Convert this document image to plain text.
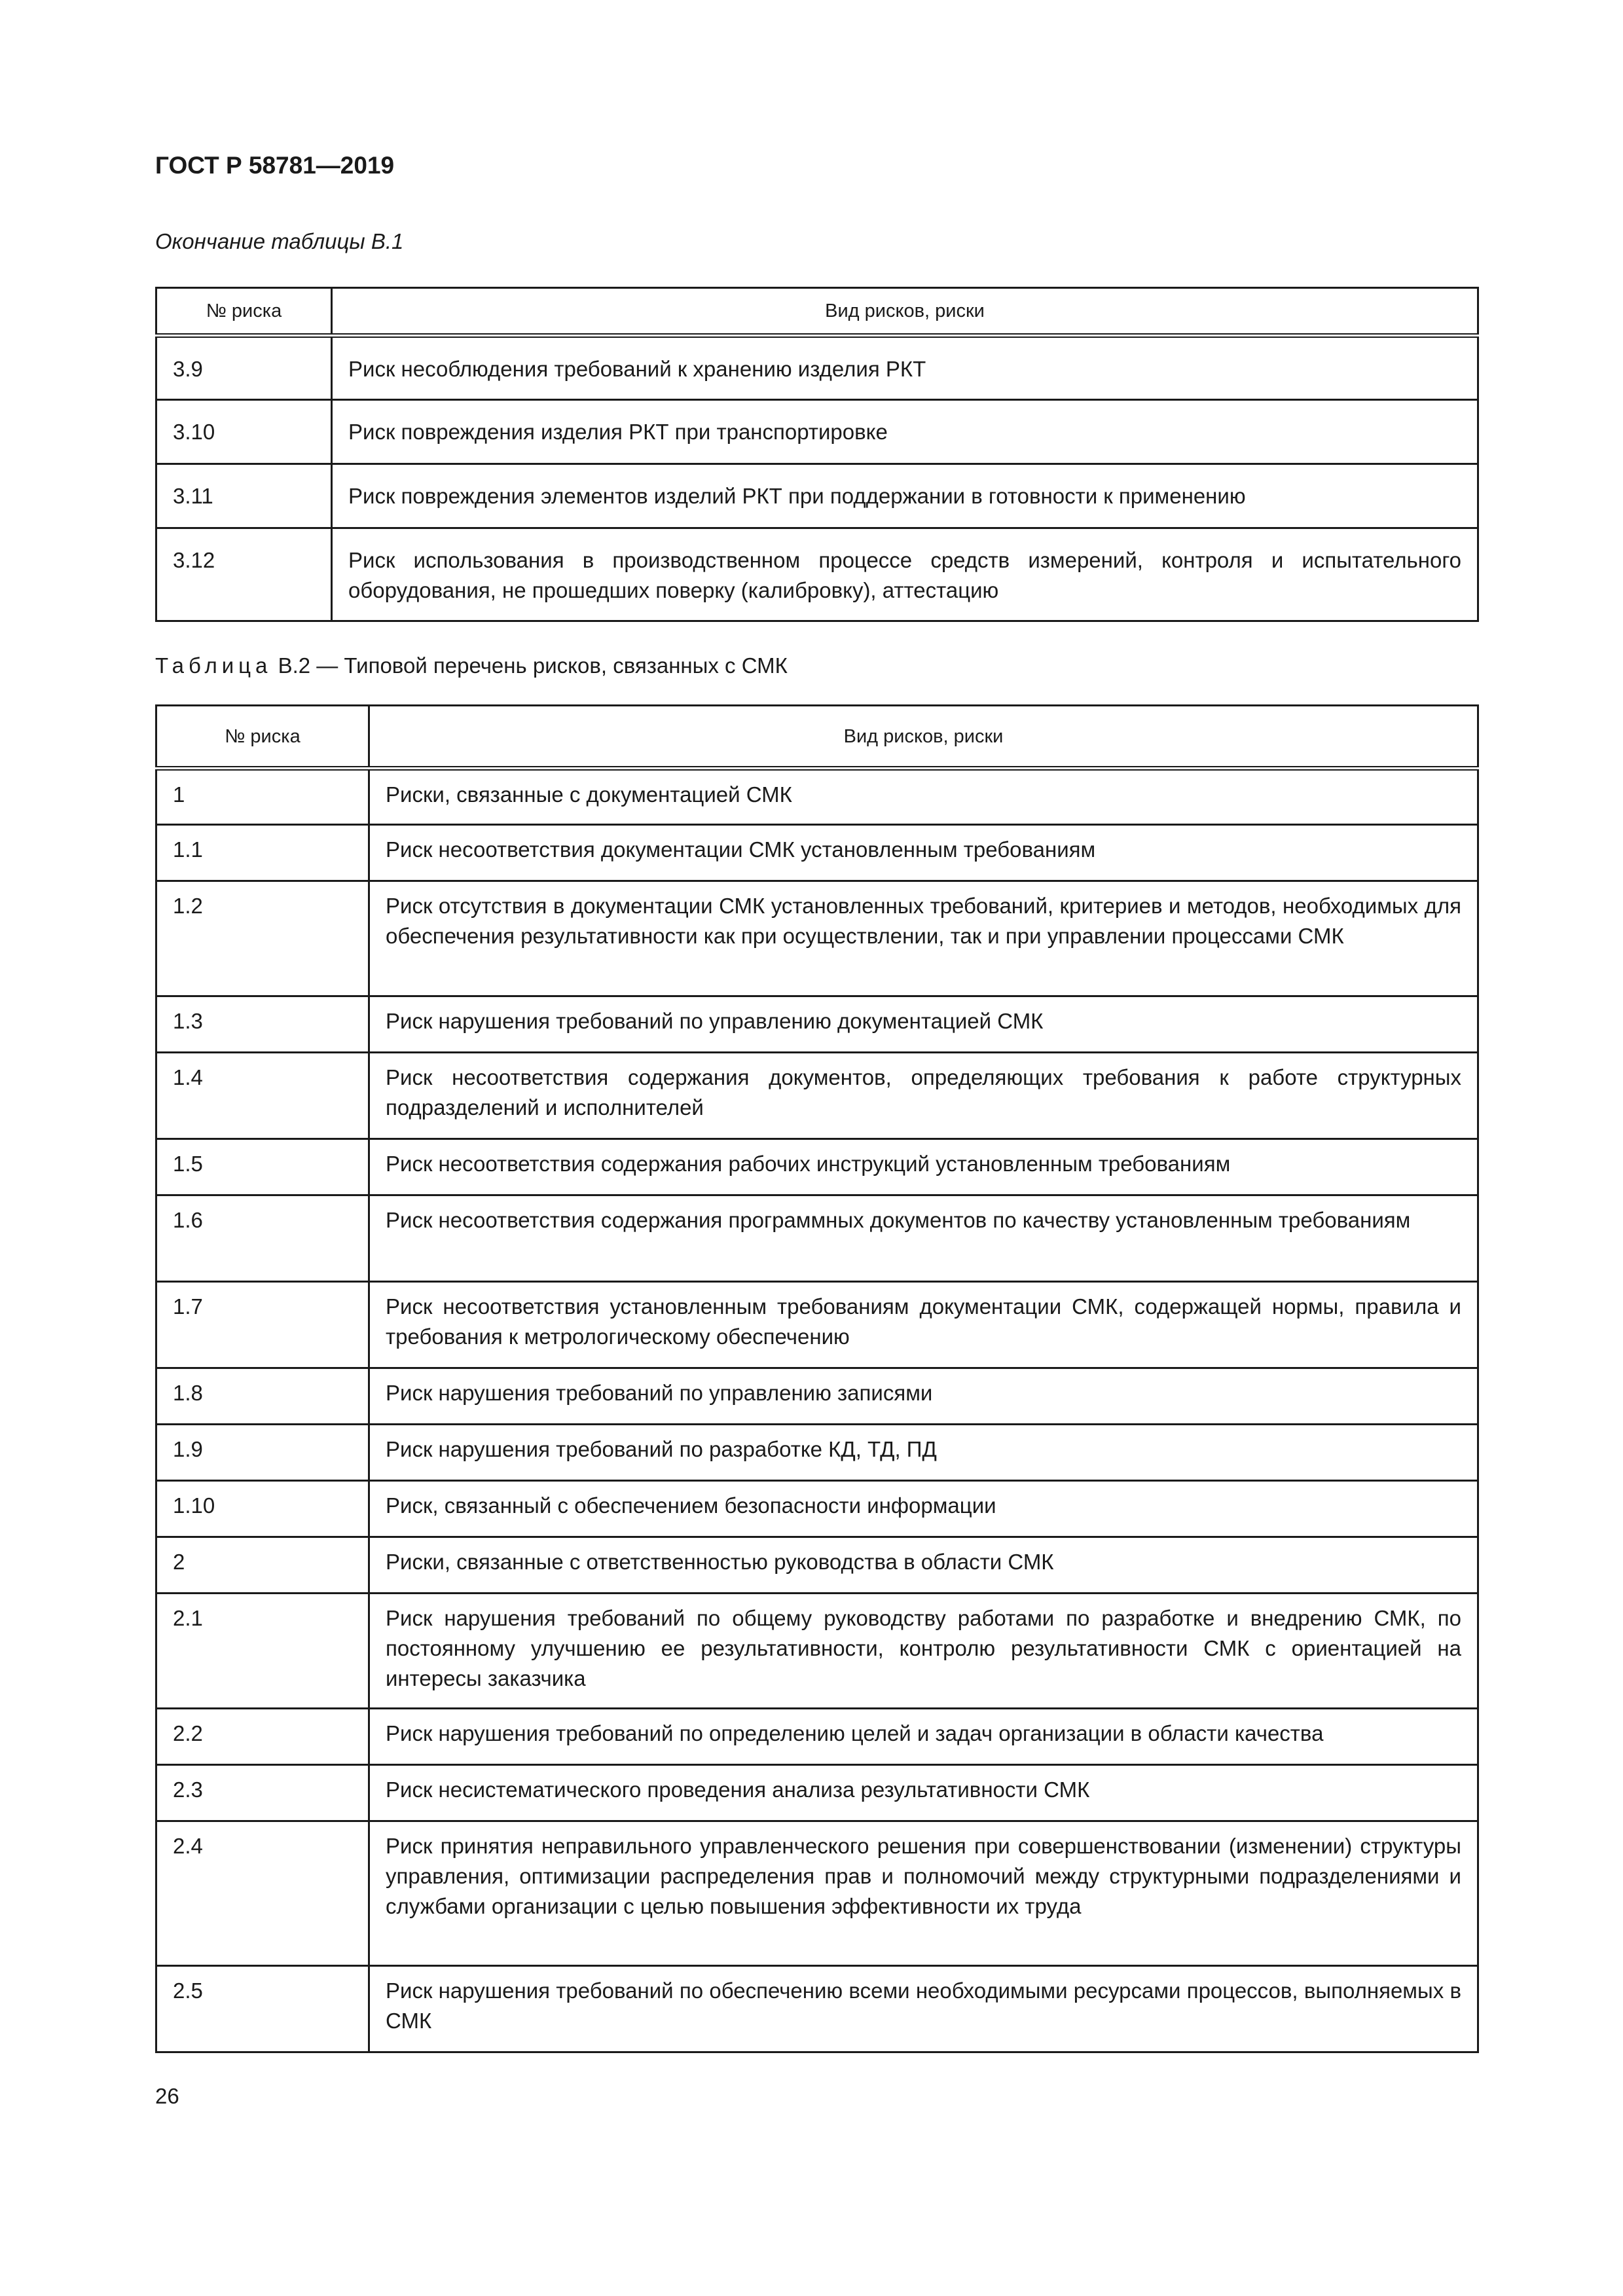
ГОСТ Р 58781—2019

Окончание таблицы В.1

№ риска	Вид рисков, риски
3.9	Риск несоблюдения требований к хранению изделия РКТ
3.10	Риск повреждения изделия РКТ при транспортировке
3.11	Риск повреждения элементов изделий РКТ при поддержании в готовности к применению
3.12	Риск использования в производственном процессе средств измерений, контроля и испытательного оборудования, не прошедших поверку (калибровку), аттестацию

Таблица В.2 — Типовой перечень рисков, связанных с СМК

№ риска	Вид рисков, риски
1	Риски, связанные с документацией СМК
1.1	Риск несоответствия документации СМК установленным требованиям
1.2	Риск отсутствия в документации СМК установленных требований, критериев и методов, необходимых для обеспечения результативности как при осуществлении, так и при управлении процессами СМК
1.3	Риск нарушения требований по управлению документацией СМК
1.4	Риск несоответствия содержания документов, определяющих требования к работе структурных подразделений и исполнителей
1.5	Риск несоответствия содержания рабочих инструкций установленным требованиям
1.6	Риск несоответствия содержания программных документов по качеству установленным требованиям
1.7	Риск несоответствия установленным требованиям документации СМК, содержащей нормы, правила и требования к метрологическому обеспечению
1.8	Риск нарушения требований по управлению записями
1.9	Риск нарушения требований по разработке КД, ТД, ПД
1.10	Риск, связанный с обеспечением безопасности информации
2	Риски, связанные с ответственностью руководства в области СМК
2.1	Риск нарушения требований по общему руководству работами по разработке и внедрению СМК, по постоянному улучшению ее результативности, контролю результативности СМК с ориентацией на интересы заказчика
2.2	Риск нарушения требований по определению целей и задач организации в области качества
2.3	Риск несистематического проведения анализа результативности СМК
2.4	Риск принятия неправильного управленческого решения при совершенствовании (изменении) структуры управления, оптимизации распределения прав и полномочий между структурными подразделениями и службами организации с целью повышения эффективности их труда
2.5	Риск нарушения требований по обеспечению всеми необходимыми ресурсами процессов, выполняемых в СМК

26
